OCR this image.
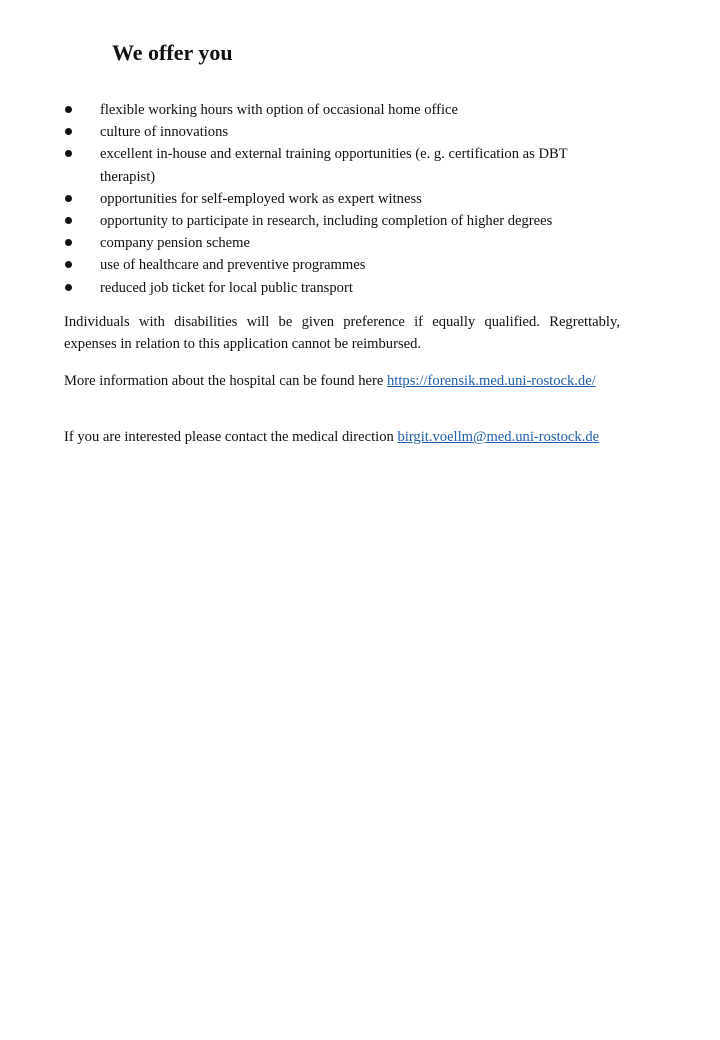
We offer you
flexible working hours with option of occasional home office
culture of innovations
excellent in-house and external training opportunities (e. g. certification as DBT therapist)
opportunities for self-employed work as expert witness
opportunity to participate in research, including completion of higher degrees
company pension scheme
use of healthcare and preventive programmes
reduced job ticket for local public transport

Individuals with disabilities will be given preference if equally qualified. Regrettably, expenses in relation to this application cannot be reimbursed.

More information about the hospital can be found here https://forensik.med.uni-rostock.de/

If you are interested please contact the medical direction birgit.voellm@med.uni-rostock.de
